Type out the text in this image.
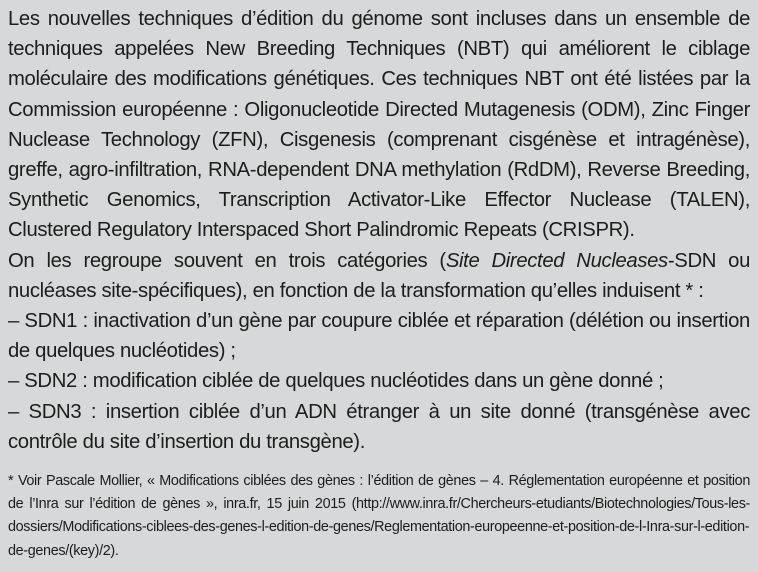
Les nouvelles techniques d’édition du génome sont incluses dans un ensemble de techniques appelées New Breeding Techniques (NBT) qui améliorent le ciblage moléculaire des modifications génétiques. Ces techniques NBT ont été listées par la Commission européenne : Oligonucleotide Directed Mutagenesis (ODM), Zinc Finger Nuclease Technology (ZFN), Cisgenesis (comprenant cisgénèse et intragénèse), greffe, agro-infiltration, RNA-dependent DNA methylation (RdDM), Reverse Breeding, Synthetic Genomics, Transcription Activator-Like Effector Nuclease (TALEN), Clustered Regulatory Interspaced Short Palindromic Repeats (CRISPR).

On les regroupe souvent en trois catégories (Site Directed Nucleases-SDN ou nucléases site-spécifiques), en fonction de la transformation qu’elles induisent * :

– SDN1 : inactivation d’un gène par coupure ciblée et réparation (délétion ou insertion de quelques nucléotides) ;

– SDN2 : modification ciblée de quelques nucléotides dans un gène donné ;

– SDN3 : insertion ciblée d’un ADN étranger à un site donné (transgénèse avec contrôle du site d’insertion du transgène).

* Voir Pascale Mollier, « Modifications ciblées des gènes : l’édition de gènes – 4. Réglementation européenne et position de l’Inra sur l’édition de gènes », inra.fr, 15 juin 2015 (http://www.inra.fr/Chercheurs-etudiants/Biotechnologies/Tous-les-dossiers/Modifications-ciblees-des-genes-l-edition-de-genes/Reglementation-europeenne-et-position-de-l-Inra-sur-l-edition-de-genes/(key)/2).
